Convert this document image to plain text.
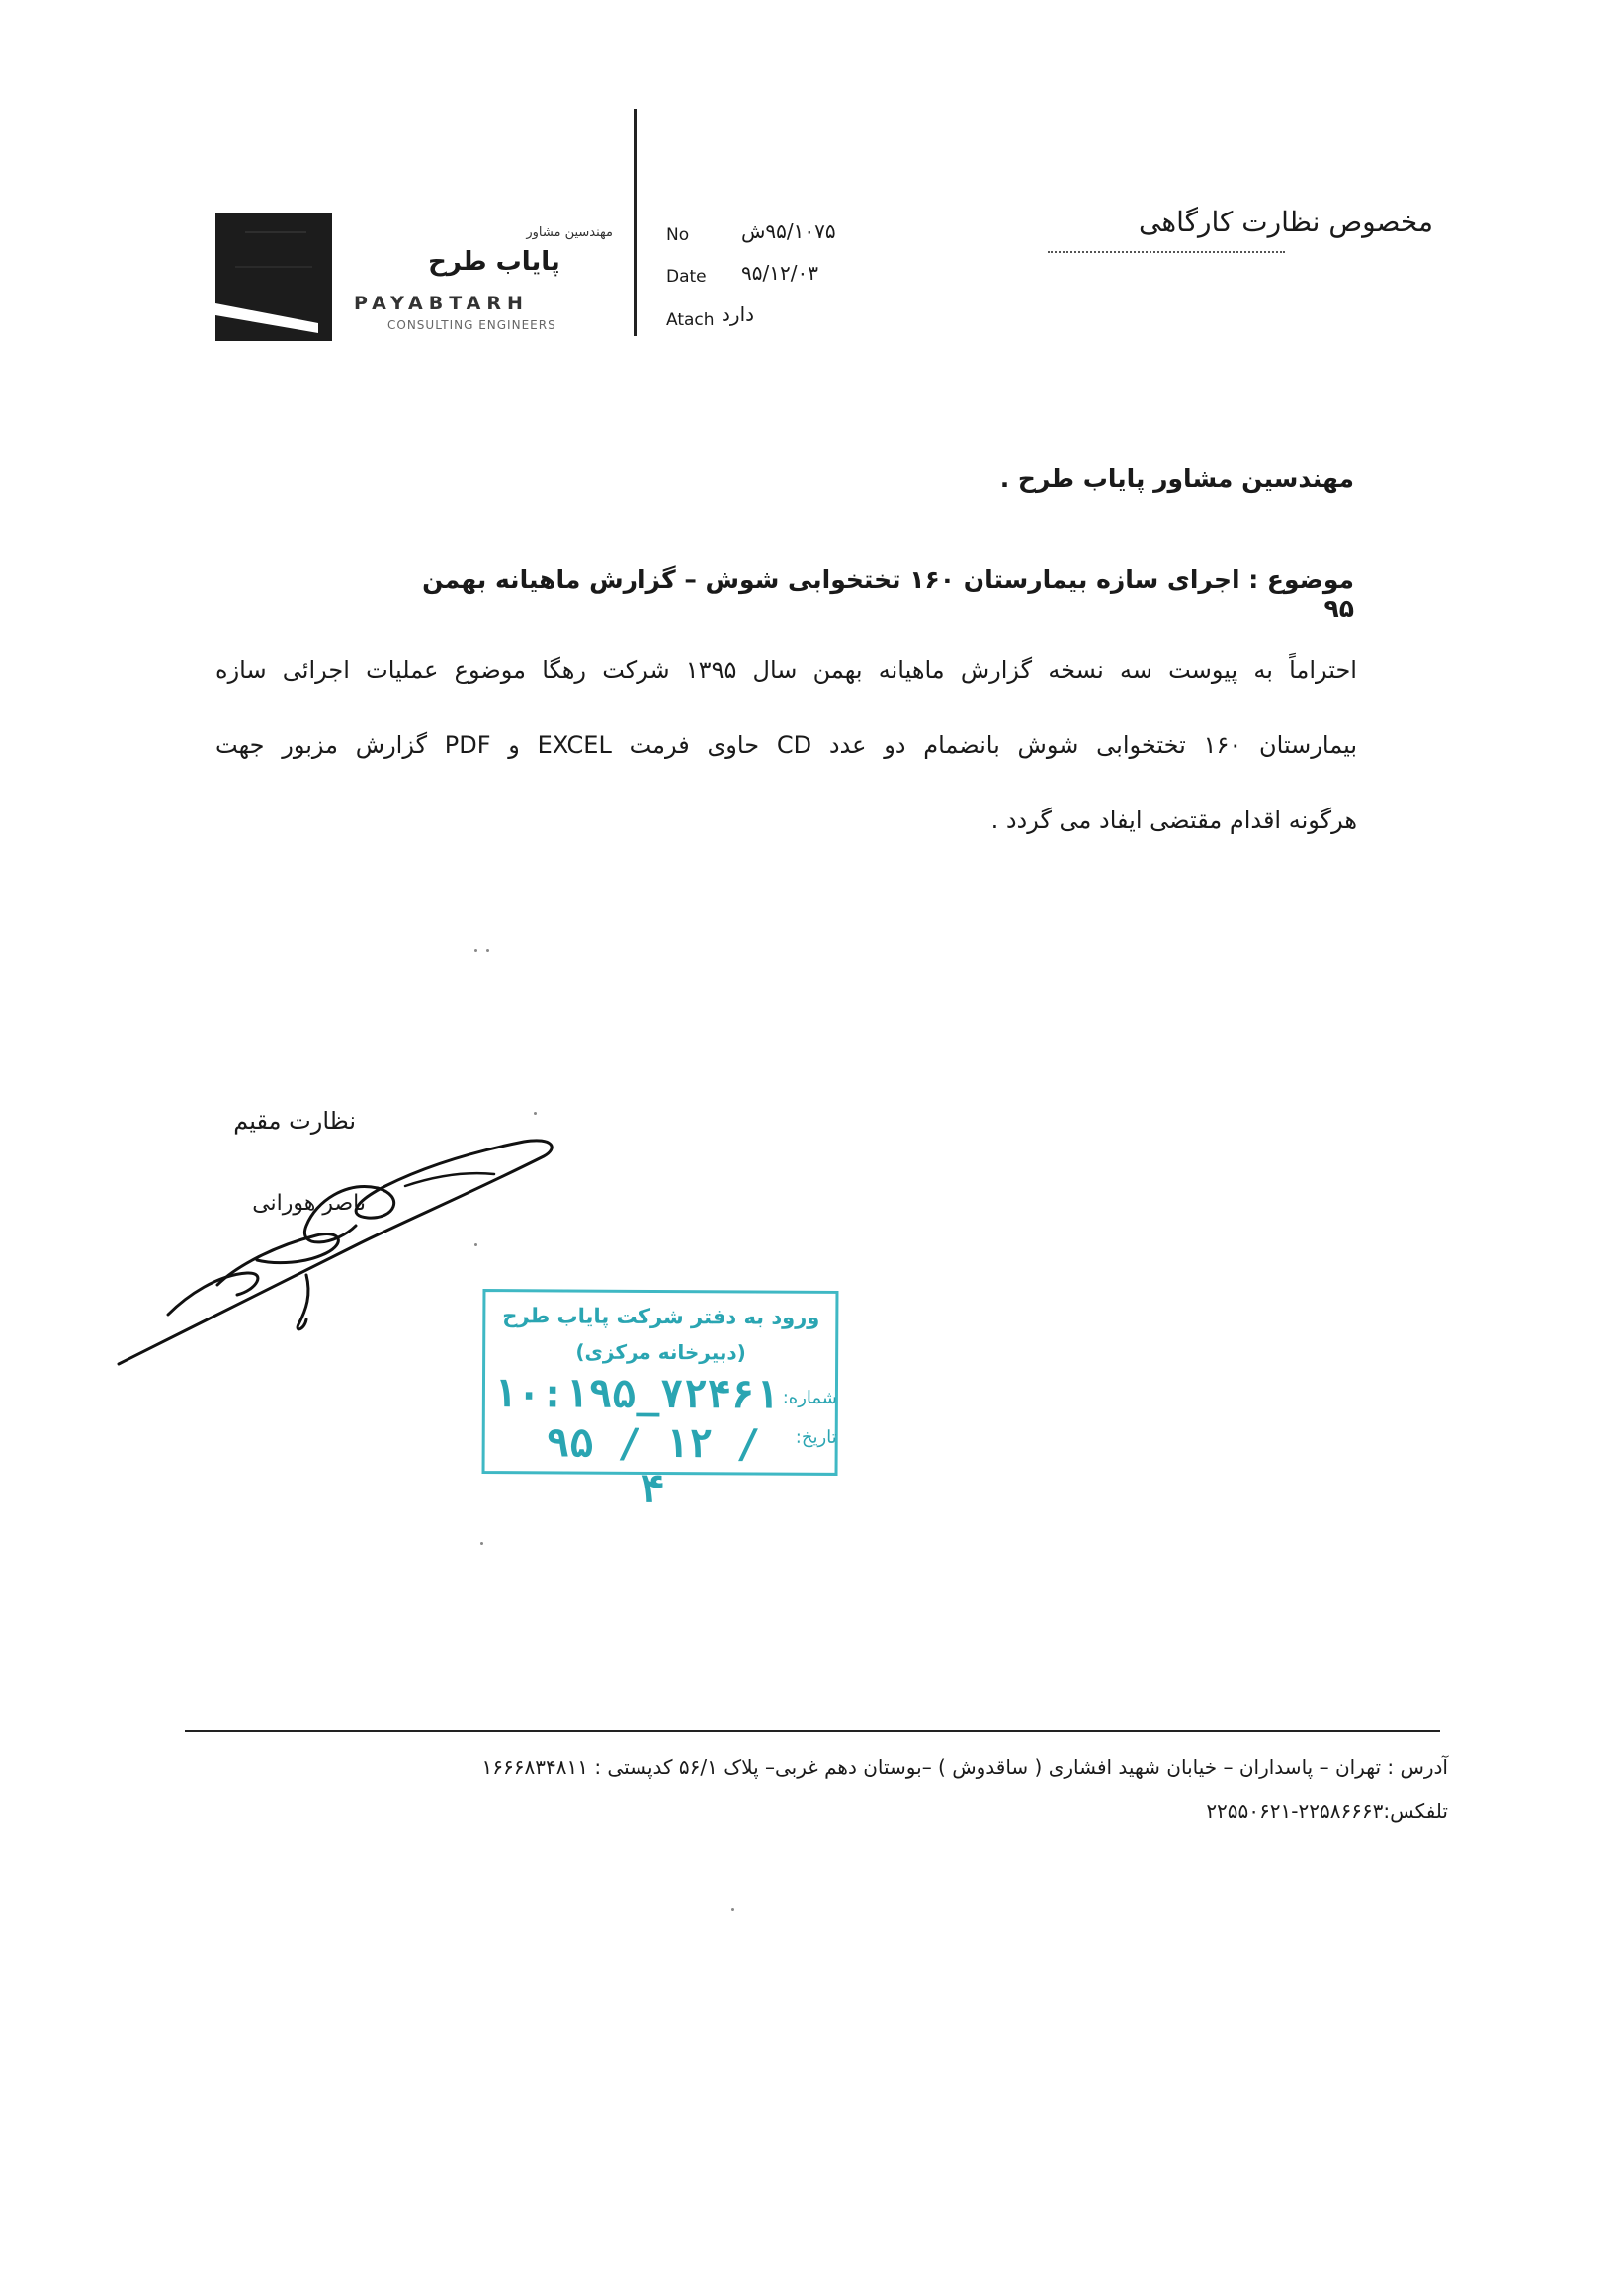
مهندسین مشاور
پایاب طرح
PAYABTARH
CONSULTING ENGINEERS
No	۹۵/۱۰۷۵ش
Date ۹۵/۱۲/۰۳
Atach دارد
مخصوص نظارت کارگاهی
مهندسین مشاور پایاب طرح .
موضوع : اجرای سازه بیمارستان ۱۶۰ تختخوابی شوش – گزارش ماهیانه بهمن ۹۵
احتراماً به پیوست سه نسخه گزارش ماهیانه بهمن سال ۱۳۹۵ شرکت رهگا موضوع عملیات اجرائی سازه
بیمارستان ۱۶۰ تختخوابی شوش بانضمام دو عدد CD حاوی فرمت EXCEL و PDF گزارش مزبور جهت
هرگونه اقدام مقتضی ایفاد می گردد .
نظارت مقیم
ناصر هورانی
ورود به دفتر شرکت پایاب طرح
(دبیرخانه مرکزی)
شماره:
۱۰:۱۹۵_۷۲۴۶۱
تاریخ:
۹۵ / ۱۲ / ۴
آدرس : تهران – پاسداران – خیابان شهید افشاری ( ساقدوش ) –بوستان دهم غربی– پلاک ۵۶/۱ کدپستی : ۱۶۶۶۸۳۴۸۱۱
تلفکس:۲۲۵۸۶۶۶۳-۲۲۵۵۰۶۲۱
